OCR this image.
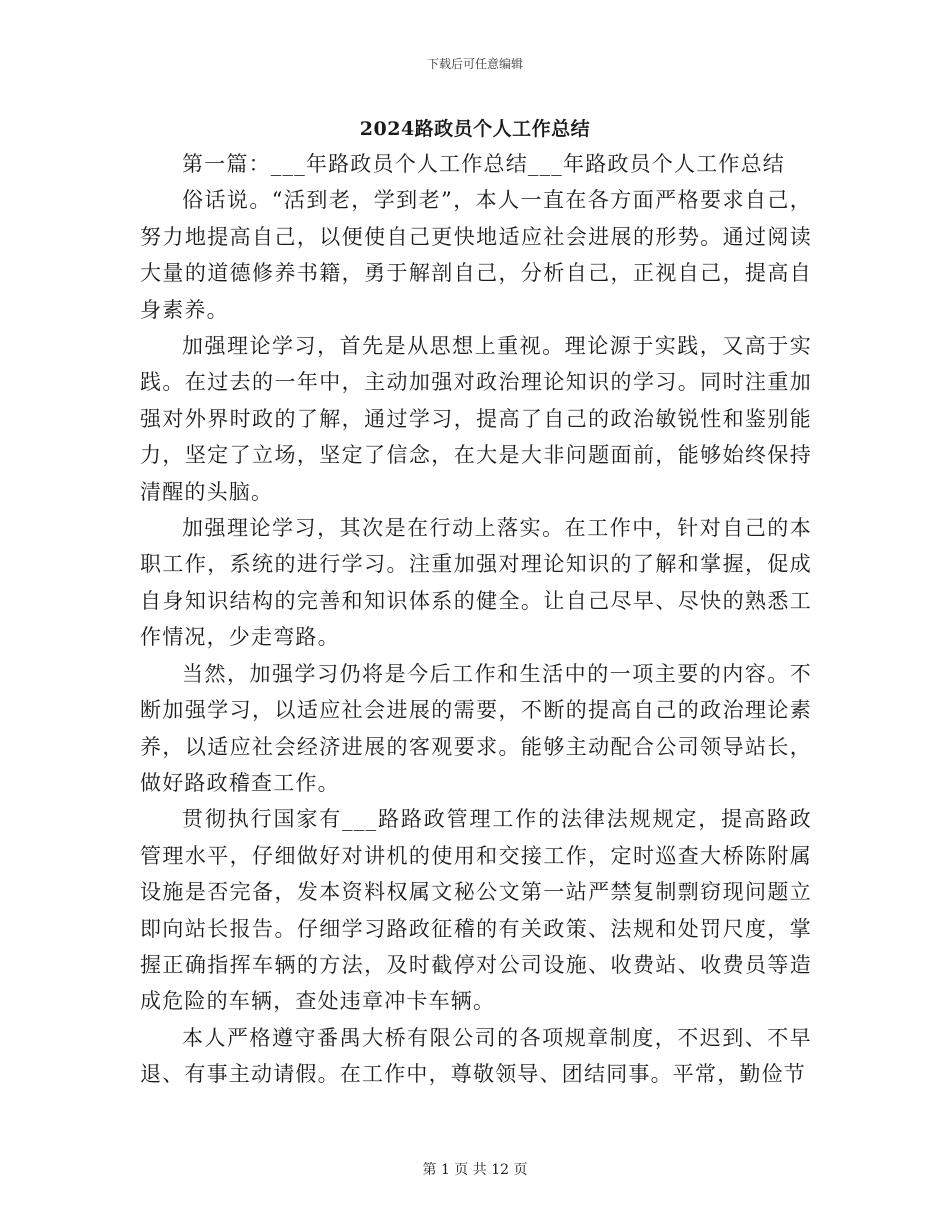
下载后可任意编辑
2024路政员个人工作总结

第一篇：___年路政员个人工作总结___年路政员个人工作总结

俗话说。“活到老，学到老”，本人一直在各方面严格要求自己，努力地提高自己，以便使自己更快地适应社会进展的形势。通过阅读大量的道德修养书籍，勇于解剖自己，分析自己，正视自己，提高自身素养。

加强理论学习，首先是从思想上重视。理论源于实践，又高于实践。在过去的一年中，主动加强对政治理论知识的学习。同时注重加强对外界时政的了解，通过学习，提高了自己的政治敏锐性和鉴别能力，坚定了立场，坚定了信念，在大是大非问题面前，能够始终保持清醒的头脑。

加强理论学习，其次是在行动上落实。在工作中，针对自己的本职工作，系统的进行学习。注重加强对理论知识的了解和掌握，促成自身知识结构的完善和知识体系的健全。让自己尽早、尽快的熟悉工作情况，少走弯路。

当然，加强学习仍将是今后工作和生活中的一项主要的内容。不断加强学习，以适应社会进展的需要，不断的提高自己的政治理论素养，以适应社会经济进展的客观要求。能够主动配合公司领导站长，做好路政稽查工作。

贯彻执行国家有___路路政管理工作的法律法规规定，提高路政管理水平，仔细做好对讲机的使用和交接工作，定时巡查大桥陈附属设施是否完备，发本资料权属文秘公文第一站严禁复制剽窃现问题立即向站长报告。仔细学习路政征稽的有关政策、法规和处罚尺度，掌握正确指挥车辆的方法，及时截停对公司设施、收费站、收费员等造成危险的车辆，查处违章冲卡车辆。

本人严格遵守番禺大桥有限公司的各项规章制度，不迟到、不早退、有事主动请假。在工作中，尊敬领导、团结同事。平常，勤俭节

第 1 页 共 12 页
